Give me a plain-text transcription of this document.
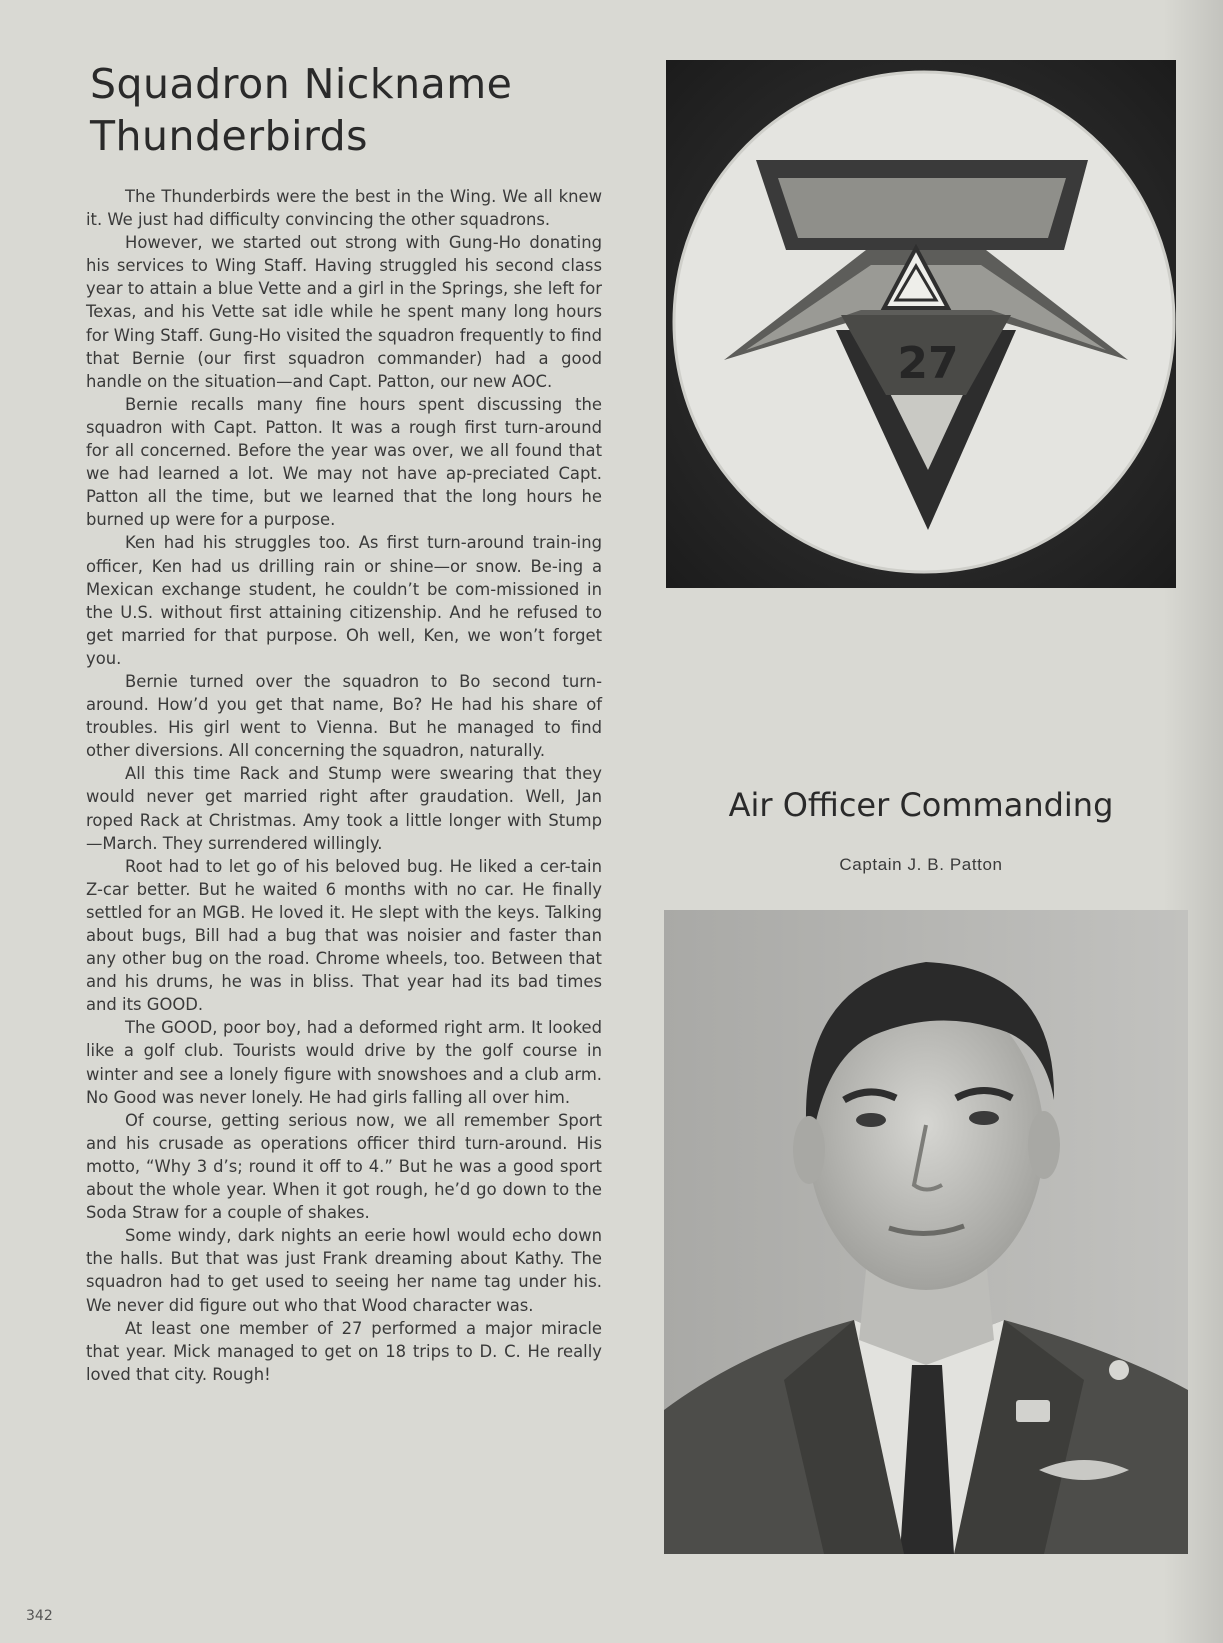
Squadron Nickname
Thunderbirds

The Thunderbirds were the best in the Wing. We all knew it. We just had difficulty convincing the other squadrons.

However, we started out strong with Gung-Ho donating his services to Wing Staff. Having struggled his second class year to attain a blue Vette and a girl in the Springs, she left for Texas, and his Vette sat idle while he spent many long hours for Wing Staff. Gung-Ho visited the squadron frequently to find that Bernie (our first squadron commander) had a good handle on the situation—and Capt. Patton, our new AOC.

Bernie recalls many fine hours spent discussing the squadron with Capt. Patton. It was a rough first turn-around for all concerned. Before the year was over, we all found that we had learned a lot. We may not have ap-preciated Capt. Patton all the time, but we learned that the long hours he burned up were for a purpose.

Ken had his struggles too. As first turn-around train-ing officer, Ken had us drilling rain or shine—or snow. Be-ing a Mexican exchange student, he couldn’t be com-missioned in the U.S. without first attaining citizenship. And he refused to get married for that purpose. Oh well, Ken, we won’t forget you.

Bernie turned over the squadron to Bo second turn-around. How’d you get that name, Bo? He had his share of troubles. His girl went to Vienna. But he managed to find other diversions. All concerning the squadron, naturally.

All this time Rack and Stump were swearing that they would never get married right after graudation. Well, Jan roped Rack at Christmas. Amy took a little longer with Stump—March. They surrendered willingly.

Root had to let go of his beloved bug. He liked a cer-tain Z-car better. But he waited 6 months with no car. He finally settled for an MGB. He loved it. He slept with the keys. Talking about bugs, Bill had a bug that was noisier and faster than any other bug on the road. Chrome wheels, too. Between that and his drums, he was in bliss. That year had its bad times and its GOOD.

The GOOD, poor boy, had a deformed right arm. It looked like a golf club. Tourists would drive by the golf course in winter and see a lonely figure with snowshoes and a club arm. No Good was never lonely. He had girls falling all over him.

Of course, getting serious now, we all remember Sport and his crusade as operations officer third turn-around. His motto, “Why 3 d’s; round it off to 4.” But he was a good sport about the whole year. When it got rough, he’d go down to the Soda Straw for a couple of shakes.

Some windy, dark nights an eerie howl would echo down the halls. But that was just Frank dreaming about Kathy. The squadron had to get used to seeing her name tag under his. We never did figure out who that Wood character was.

At least one member of 27 performed a major miracle that year. Mick managed to get on 18 trips to D. C. He really loved that city. Rough!

27
Air Officer Commanding
Captain J. B. Patton
342
